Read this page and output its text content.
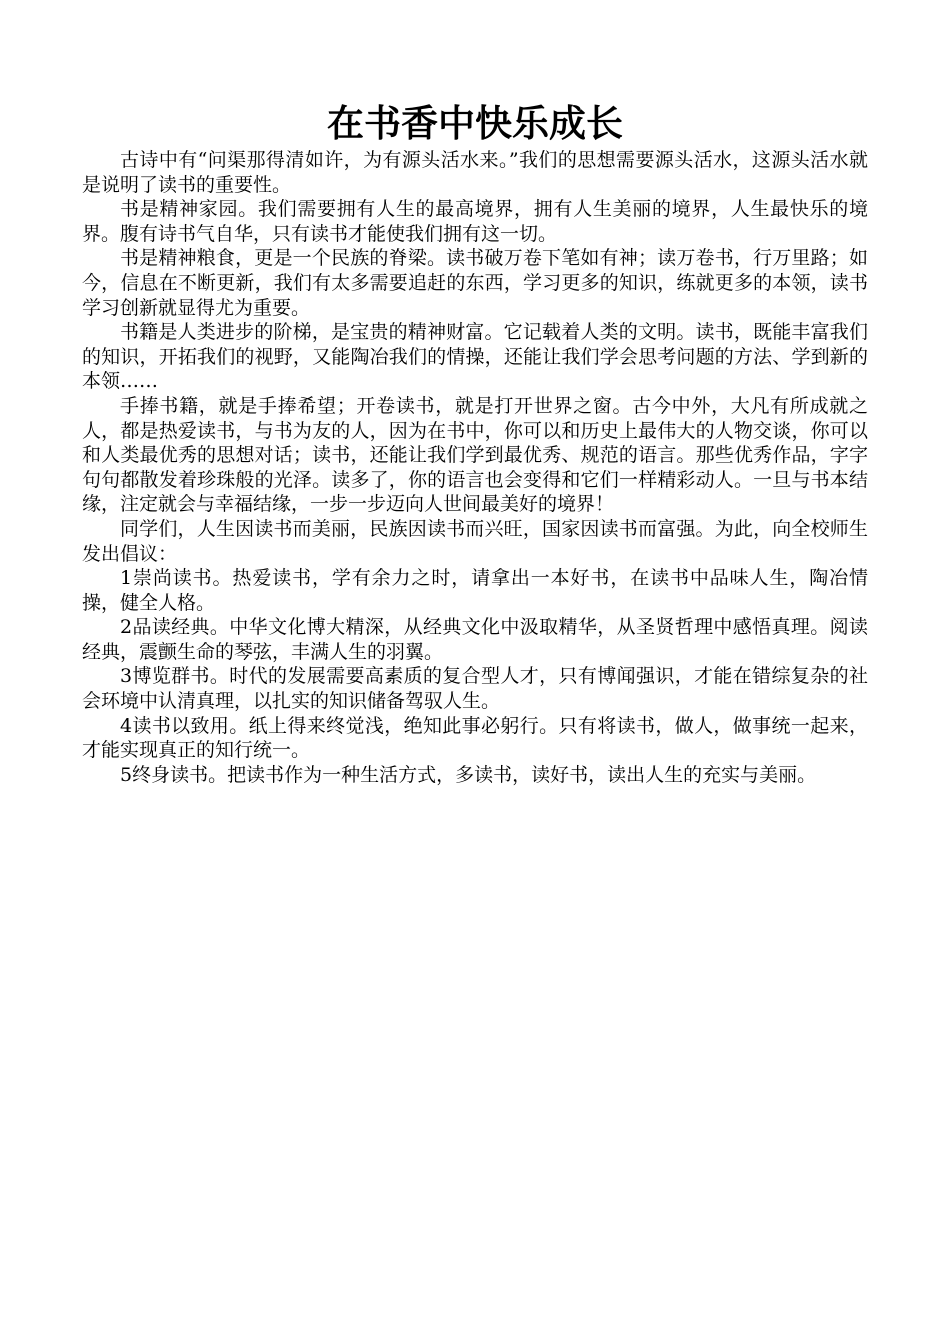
在书香中快乐成长

古诗中有“问渠那得清如许，为有源头活水来。”我们的思想需要源头活水，这源头活水就是说明了读书的重要性。

书是精神家园。我们需要拥有人生的最高境界，拥有人生美丽的境界，人生最快乐的境界。腹有诗书气自华，只有读书才能使我们拥有这一切。

书是精神粮食，更是一个民族的脊梁。读书破万卷下笔如有神；读万卷书，行万里路；如今，信息在不断更新，我们有太多需要追赶的东西，学习更多的知识，练就更多的本领，读书学习创新就显得尤为重要。

书籍是人类进步的阶梯，是宝贵的精神财富。它记载着人类的文明。读书，既能丰富我们的知识，开拓我们的视野，又能陶冶我们的情操，还能让我们学会思考问题的方法、学到新的本领……

手捧书籍，就是手捧希望；开卷读书，就是打开世界之窗。古今中外，大凡有所成就之人，都是热爱读书，与书为友的人，因为在书中，你可以和历史上最伟大的人物交谈，你可以和人类最优秀的思想对话；读书，还能让我们学到最优秀、规范的语言。那些优秀作品，字字句句都散发着珍珠般的光泽。读多了，你的语言也会变得和它们一样精彩动人。一旦与书本结缘，注定就会与幸福结缘，一步一步迈向人世间最美好的境界！

同学们，人生因读书而美丽，民族因读书而兴旺，国家因读书而富强。为此，向全校师生发出倡议：

1崇尚读书。热爱读书，学有余力之时，请拿出一本好书，在读书中品味人生，陶冶情操，健全人格。

2品读经典。中华文化博大精深，从经典文化中汲取精华，从圣贤哲理中感悟真理。阅读经典，震颤生命的琴弦，丰满人生的羽翼。

3博览群书。时代的发展需要高素质的复合型人才，只有博闻强识，才能在错综复杂的社会环境中认清真理，以扎实的知识储备驾驭人生。

4读书以致用。纸上得来终觉浅，绝知此事必躬行。只有将读书，做人，做事统一起来，才能实现真正的知行统一。

5终身读书。把读书作为一种生活方式，多读书，读好书，读出人生的充实与美丽。
